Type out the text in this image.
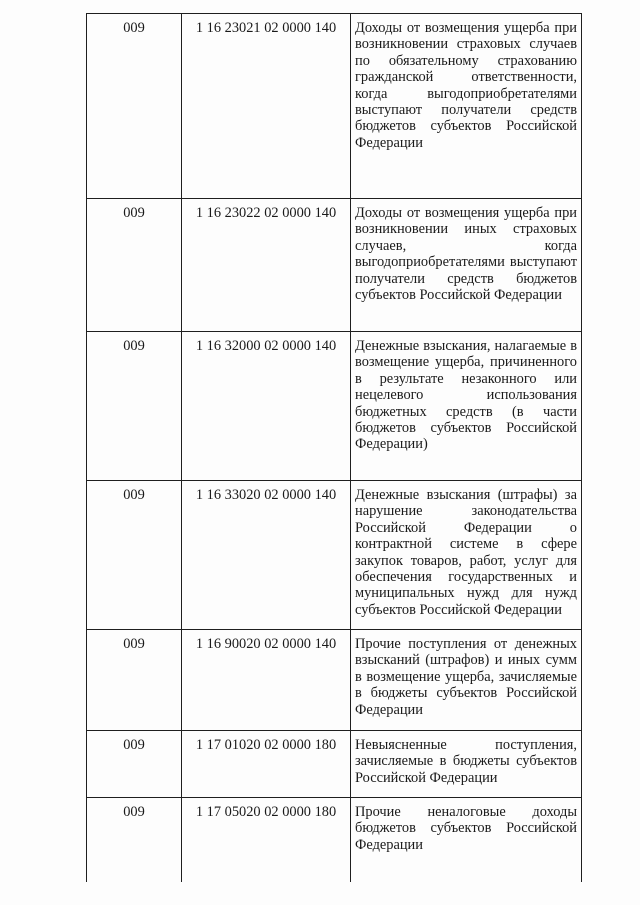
009	1 16 23021 02 0000 140	Доходы от возмещения ущерба при возникновении страховых случаев по обязательному страхованию гражданской ответственности, когда выгодоприобретателями выступают получатели средств бюджетов субъектов Российской Федерации
009	1 16 23022 02 0000 140	Доходы от возмещения ущерба при возникновении иных страховых случаев, когда выгодоприобретателями выступают получатели средств бюджетов субъектов Российской Федерации
009	1 16 32000 02 0000 140	Денежные взыскания, налагаемые в возмещение ущерба, причиненного в результате незаконного или нецелевого использования бюджетных средств (в части бюджетов субъектов Российской Федерации)
009	1 16 33020 02 0000 140	Денежные взыскания (штрафы) за нарушение законодательства Российской Федерации о контрактной системе в сфере закупок товаров, работ, услуг для обеспечения государственных и муниципальных нужд для нужд субъектов Российской Федерации
009	1 16 90020 02 0000 140	Прочие поступления от денежных взысканий (штрафов) и иных сумм в возмещение ущерба, зачисляемые в бюджеты субъектов Российской Федерации
009	1 17 01020 02 0000 180	Невыясненные поступления, зачисляемые в бюджеты субъектов Российской Федерации
009	1 17 05020 02 0000 180	Прочие неналоговые доходы бюджетов субъектов Российской Федерации
